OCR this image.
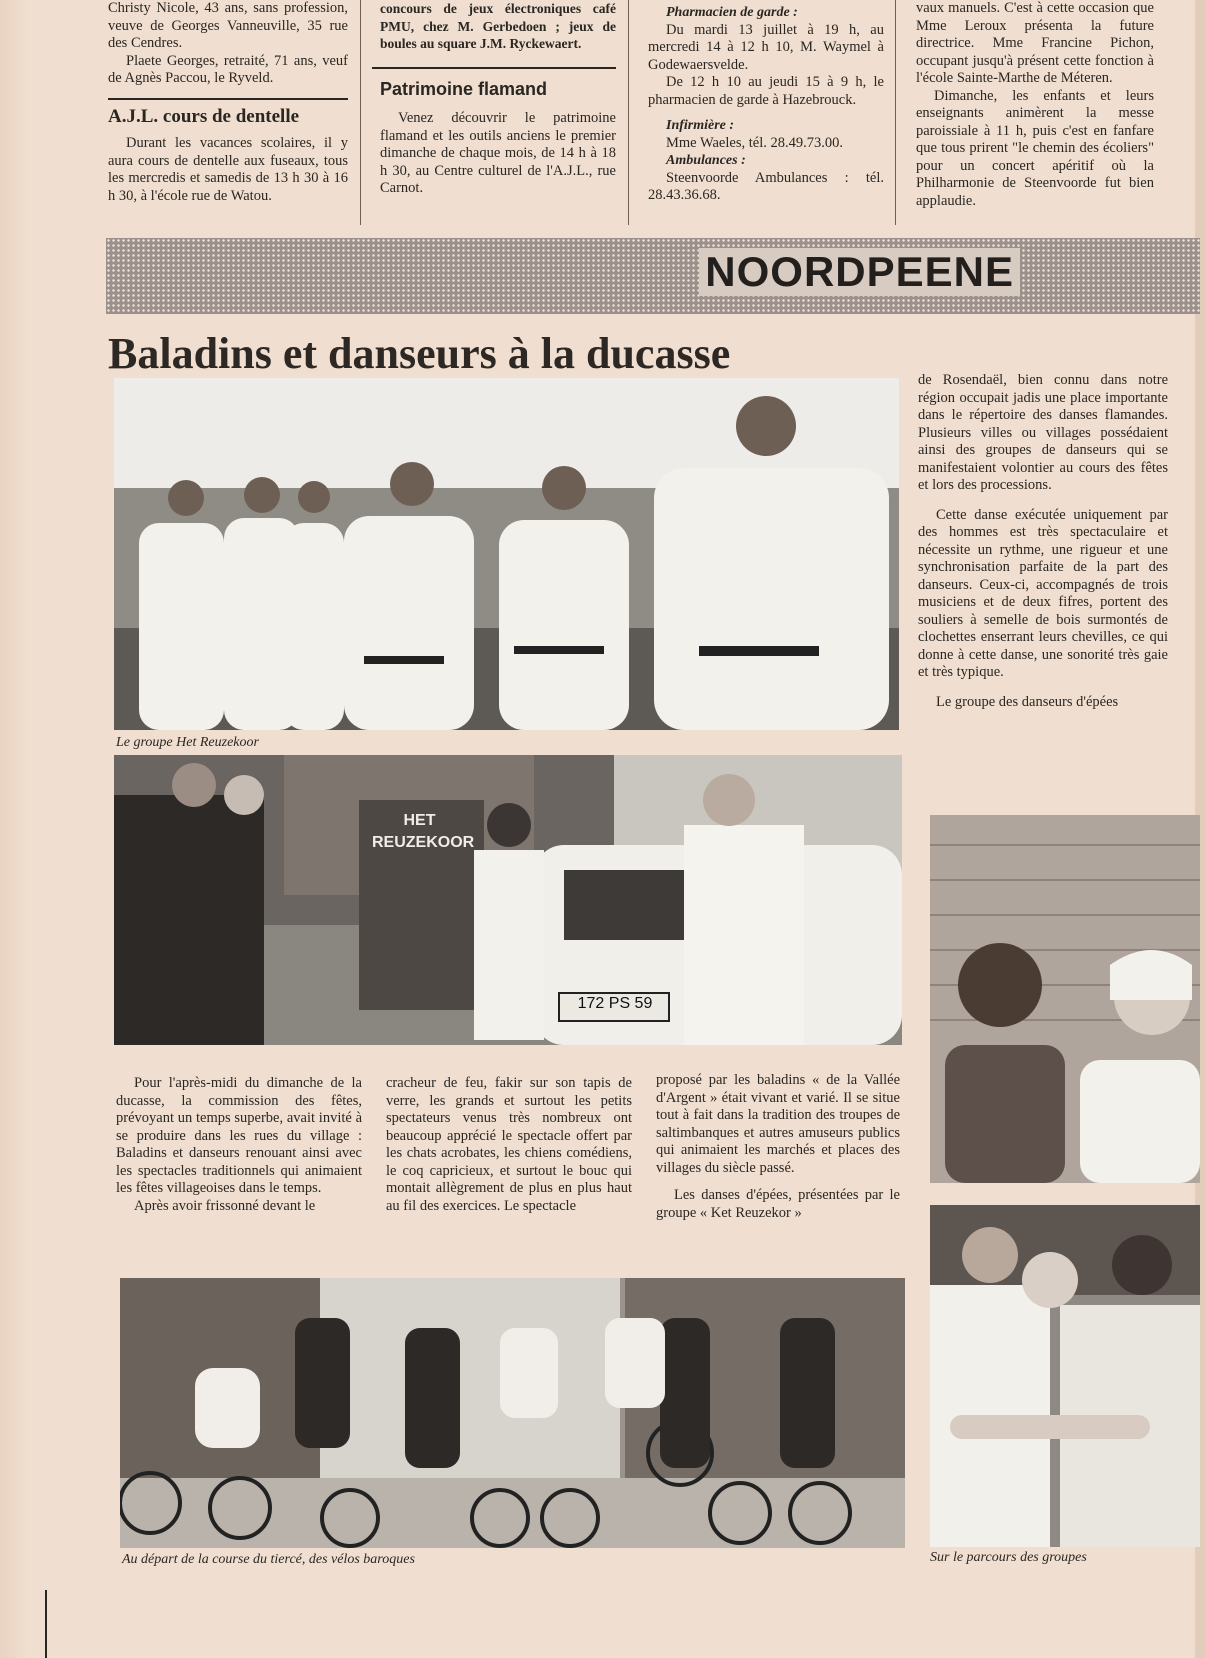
Christy Nicole, 43 ans, sans profession, veuve de Georges Vanneuville, 35 rue des Cendres.

Plaete Georges, retraité, 71 ans, veuf de Agnès Paccou, le Ryveld.

A.J.L. cours de dentelle

Durant les vacances scolaires, il y aura cours de dentelle aux fuseaux, tous les mercredis et samedis de 13 h 30 à 16 h 30, à l'école rue de Watou.

concours de jeux électroniques café PMU, chez M. Gerbedoen ; jeux de boules au square J.M. Ryckewaert.

Patrimoine flamand

Venez découvrir le patrimoine flamand et les outils anciens le premier dimanche de chaque mois, de 14 h à 18 h 30, au Centre culturel de l'A.J.L., rue Carnot.

Pharmacien de garde :

Du mardi 13 juillet à 19 h, au mercredi 14 à 12 h 10, M. Waymel à Godewaersvelde.

De 12 h 10 au jeudi 15 à 9 h, le pharmacien de garde à Hazebrouck.

Infirmière :

Mme Waeles, tél. 28.49.73.00.

Ambulances :

Steenvoorde Ambulances : tél. 28.43.36.68.

vaux manuels. C'est à cette occasion que Mme Leroux présenta la future directrice. Mme Francine Pichon, occupant jusqu'à présent cette fonction à l'école Sainte-Marthe de Méteren.

Dimanche, les enfants et leurs enseignants animèrent la messe paroissiale à 11 h, puis c'est en fanfare que tous prirent "le chemin des écoliers" pour un concert apéritif où la Philharmonie de Steenvoorde fut bien applaudie.

NOORDPEENE
Baladins et danseurs à la ducasse
Le groupe Het Reuzekoor
HET REUZEKOOR
172 PS 59

de Rosendaël, bien connu dans notre région occupait jadis une place importante dans le répertoire des danses flamandes. Plusieurs villes ou villages possédaient ainsi des groupes de danseurs qui se manifestaient volontier au cours des fêtes et lors des processions.

Cette danse exécutée uniquement par des hommes est très spectaculaire et nécessite un rythme, une rigueur et une synchronisation parfaite de la part des danseurs. Ceux-ci, accompagnés de trois musiciens et de deux fifres, portent des souliers à semelle de bois surmontés de clochettes enserrant leurs chevilles, ce qui donne à cette danse, une sonorité très gaie et très typique.

Le groupe des danseurs d'épées

Sur le parcours des groupes

Pour l'après-midi du dimanche de la ducasse, la commission des fêtes, prévoyant un temps superbe, avait invité à se produire dans les rues du village : Baladins et danseurs renouant ainsi avec les spectacles traditionnels qui animaient les fêtes villageoises dans le temps.

Après avoir frissonné devant le

cracheur de feu, fakir sur son tapis de verre, les grands et surtout les petits spectateurs venus très nombreux ont beaucoup apprécié le spectacle offert par les chats acrobates, les chiens comédiens, le coq capricieux, et surtout le bouc qui montait allègrement de plus en plus haut au fil des exercices. Le spectacle

proposé par les baladins « de la Vallée d'Argent » était vivant et varié. Il se situe tout à fait dans la tradition des troupes de saltimbanques et autres amuseurs publics qui animaient les marchés et places des villages du siècle passé.

Les danses d'épées, présentées par le groupe « Ket Reuzekor »

Au départ de la course du tiercé, des vélos baroques
